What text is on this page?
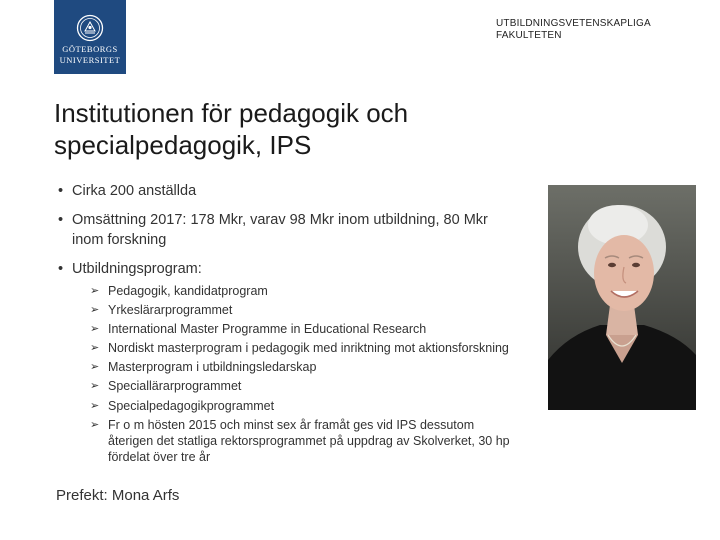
GÖTEBORGS
UNIVERSITET
UTBILDNINGSVETENSKAPLIGA
FAKULTETEN
Institutionen för pedagogik och
specialpedagogik, IPS
• Cirka 200 anställda
• Omsättning 2017: 178 Mkr, varav 98 Mkr inom utbildning, 80 Mkr inom forskning
• Utbildningsprogram:
➢ Pedagogik, kandidatprogram
➢ Yrkeslärarprogrammet
➢ International Master Programme in Educational Research
➢ Nordiskt masterprogram i pedagogik med inriktning mot aktionsforskning
➢ Masterprogram i utbildningsledarskap
➢ Speciallärarprogrammet
➢ Specialpedagogikprogrammet
➢ Fr o m hösten 2015 och minst sex år framåt ges vid IPS dessutom återigen det statliga rektorsprogrammet på uppdrag av Skolverket, 30 hp fördelat över tre år
Prefekt: Mona Arfs
